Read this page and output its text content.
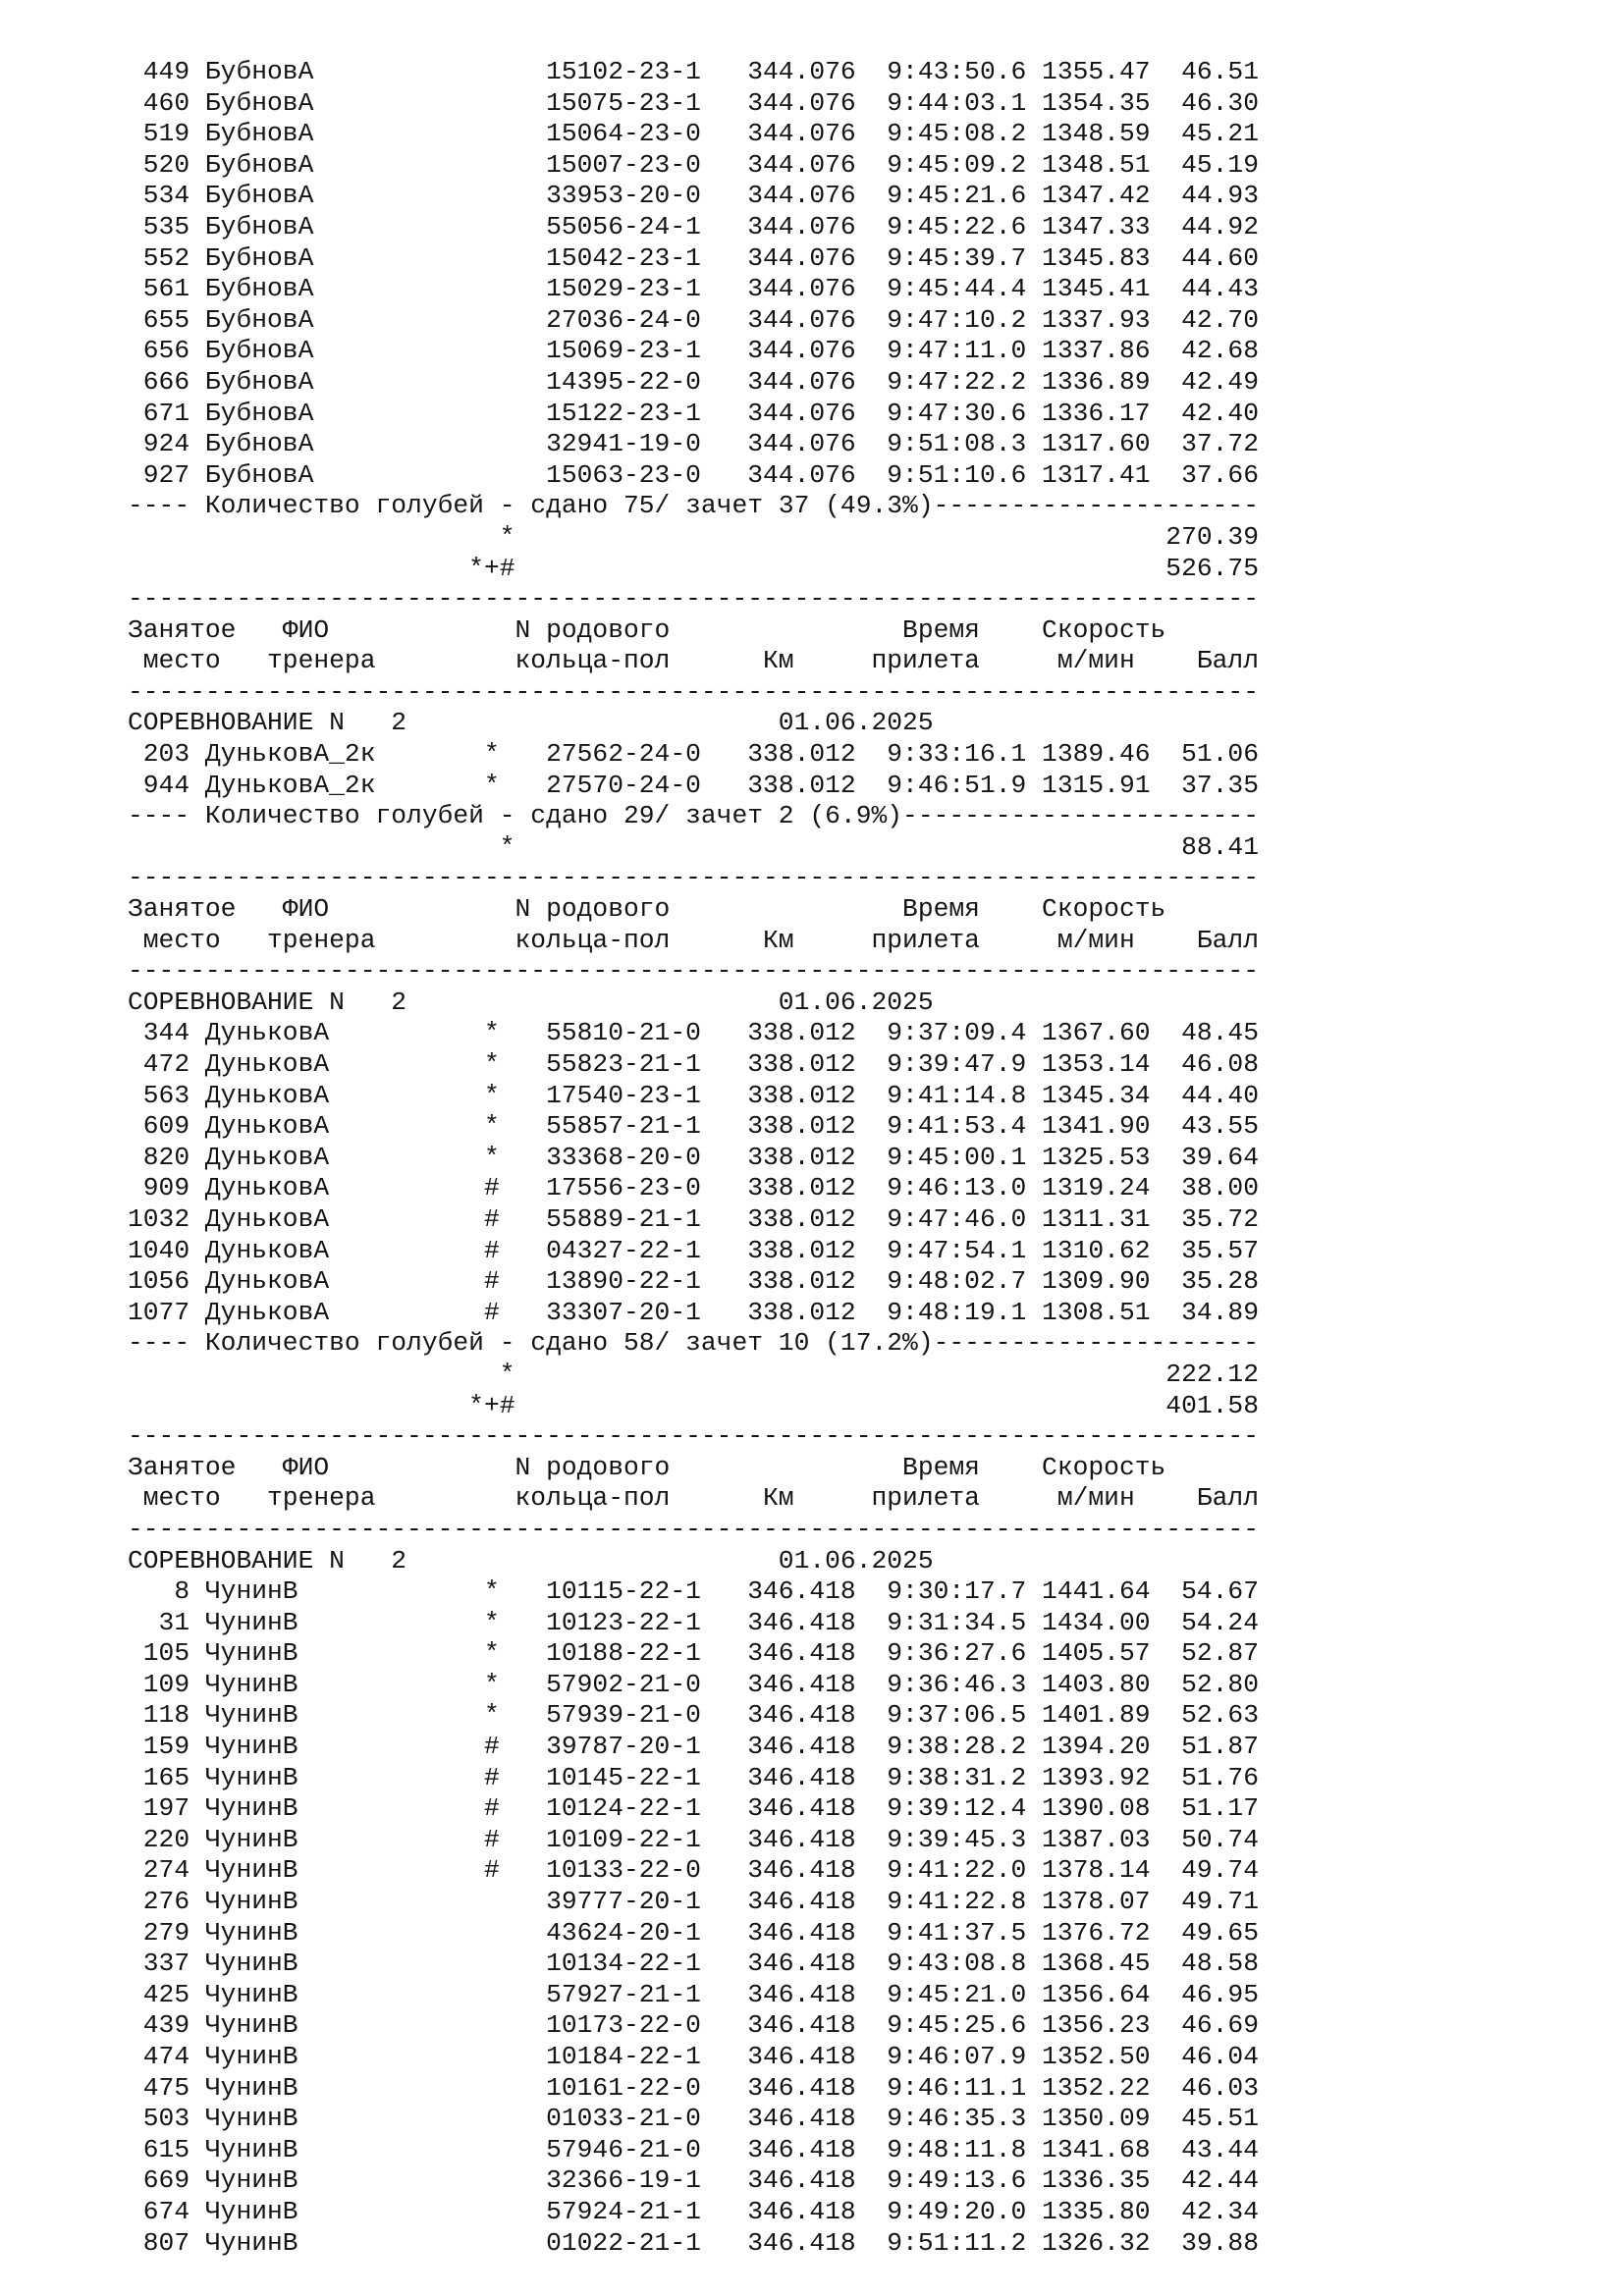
449 БубновА               15102-23-1   344.076  9:43:50.6 1355.47  46.51
460 БубновА               15075-23-1   344.076  9:44:03.1 1354.35  46.30
519 БубновА               15064-23-0   344.076  9:45:08.2 1348.59  45.21
520 БубновА               15007-23-0   344.076  9:45:09.2 1348.51  45.19
534 БубновА               33953-20-0   344.076  9:45:21.6 1347.42  44.93
535 БубновА               55056-24-1   344.076  9:45:22.6 1347.33  44.92
552 БубновА               15042-23-1   344.076  9:45:39.7 1345.83  44.60
561 БубновА               15029-23-1   344.076  9:45:44.4 1345.41  44.43
655 БубновА               27036-24-0   344.076  9:47:10.2 1337.93  42.70
656 БубновА               15069-23-1   344.076  9:47:11.0 1337.86  42.68
666 БубновА               14395-22-0   344.076  9:47:22.2 1336.89  42.49
671 БубновА               15122-23-1   344.076  9:47:30.6 1336.17  42.40
924 БубновА               32941-19-0   344.076  9:51:08.3 1317.60  37.72
927 БубновА               15063-23-0   344.076  9:51:10.6 1317.41  37.66
---- Количество голубей - сдано 75/ зачет 37 (49.3%)---------------------
*                                          270.39
*+#                                          526.75
-------------------------------------------------------------------------
Занятое   ФИО            N родового               Время    Скорость
место   тренера         кольца-пол      Км     прилета     м/мин    Балл
-------------------------------------------------------------------------
СОРЕВНОВАНИЕ N   2                        01.06.2025
203 ДуньковА_2к       *   27562-24-0   338.012  9:33:16.1 1389.46  51.06
944 ДуньковА_2к       *   27570-24-0   338.012  9:46:51.9 1315.91  37.35
---- Количество голубей - сдано 29/ зачет 2 (6.9%)-----------------------
*                                           88.41
-------------------------------------------------------------------------
Занятое   ФИО            N родового               Время    Скорость
место   тренера         кольца-пол      Км     прилета     м/мин    Балл
-------------------------------------------------------------------------
СОРЕВНОВАНИЕ N   2                        01.06.2025
344 ДуньковА          *   55810-21-0   338.012  9:37:09.4 1367.60  48.45
472 ДуньковА          *   55823-21-1   338.012  9:39:47.9 1353.14  46.08
563 ДуньковА          *   17540-23-1   338.012  9:41:14.8 1345.34  44.40
609 ДуньковА          *   55857-21-1   338.012  9:41:53.4 1341.90  43.55
820 ДуньковА          *   33368-20-0   338.012  9:45:00.1 1325.53  39.64
909 ДуньковА          #   17556-23-0   338.012  9:46:13.0 1319.24  38.00
1032 ДуньковА          #   55889-21-1   338.012  9:47:46.0 1311.31  35.72
1040 ДуньковА          #   04327-22-1   338.012  9:47:54.1 1310.62  35.57
1056 ДуньковА          #   13890-22-1   338.012  9:48:02.7 1309.90  35.28
1077 ДуньковА          #   33307-20-1   338.012  9:48:19.1 1308.51  34.89
---- Количество голубей - сдано 58/ зачет 10 (17.2%)---------------------
*                                          222.12
*+#                                          401.58
-------------------------------------------------------------------------
Занятое   ФИО            N родового               Время    Скорость
место   тренера         кольца-пол      Км     прилета     м/мин    Балл
-------------------------------------------------------------------------
СОРЕВНОВАНИЕ N   2                        01.06.2025
8 ЧунинВ            *   10115-22-1   346.418  9:30:17.7 1441.64  54.67
31 ЧунинВ            *   10123-22-1   346.418  9:31:34.5 1434.00  54.24
105 ЧунинВ            *   10188-22-1   346.418  9:36:27.6 1405.57  52.87
109 ЧунинВ            *   57902-21-0   346.418  9:36:46.3 1403.80  52.80
118 ЧунинВ            *   57939-21-0   346.418  9:37:06.5 1401.89  52.63
159 ЧунинВ            #   39787-20-1   346.418  9:38:28.2 1394.20  51.87
165 ЧунинВ            #   10145-22-1   346.418  9:38:31.2 1393.92  51.76
197 ЧунинВ            #   10124-22-1   346.418  9:39:12.4 1390.08  51.17
220 ЧунинВ            #   10109-22-1   346.418  9:39:45.3 1387.03  50.74
274 ЧунинВ            #   10133-22-0   346.418  9:41:22.0 1378.14  49.74
276 ЧунинВ                39777-20-1   346.418  9:41:22.8 1378.07  49.71
279 ЧунинВ                43624-20-1   346.418  9:41:37.5 1376.72  49.65
337 ЧунинВ                10134-22-1   346.418  9:43:08.8 1368.45  48.58
425 ЧунинВ                57927-21-1   346.418  9:45:21.0 1356.64  46.95
439 ЧунинВ                10173-22-0   346.418  9:45:25.6 1356.23  46.69
474 ЧунинВ                10184-22-1   346.418  9:46:07.9 1352.50  46.04
475 ЧунинВ                10161-22-0   346.418  9:46:11.1 1352.22  46.03
503 ЧунинВ                01033-21-0   346.418  9:46:35.3 1350.09  45.51
615 ЧунинВ                57946-21-0   346.418  9:48:11.8 1341.68  43.44
669 ЧунинВ                32366-19-1   346.418  9:49:13.6 1336.35  42.44
674 ЧунинВ                57924-21-1   346.418  9:49:20.0 1335.80  42.34
807 ЧунинВ                01022-21-1   346.418  9:51:11.2 1326.32  39.88
